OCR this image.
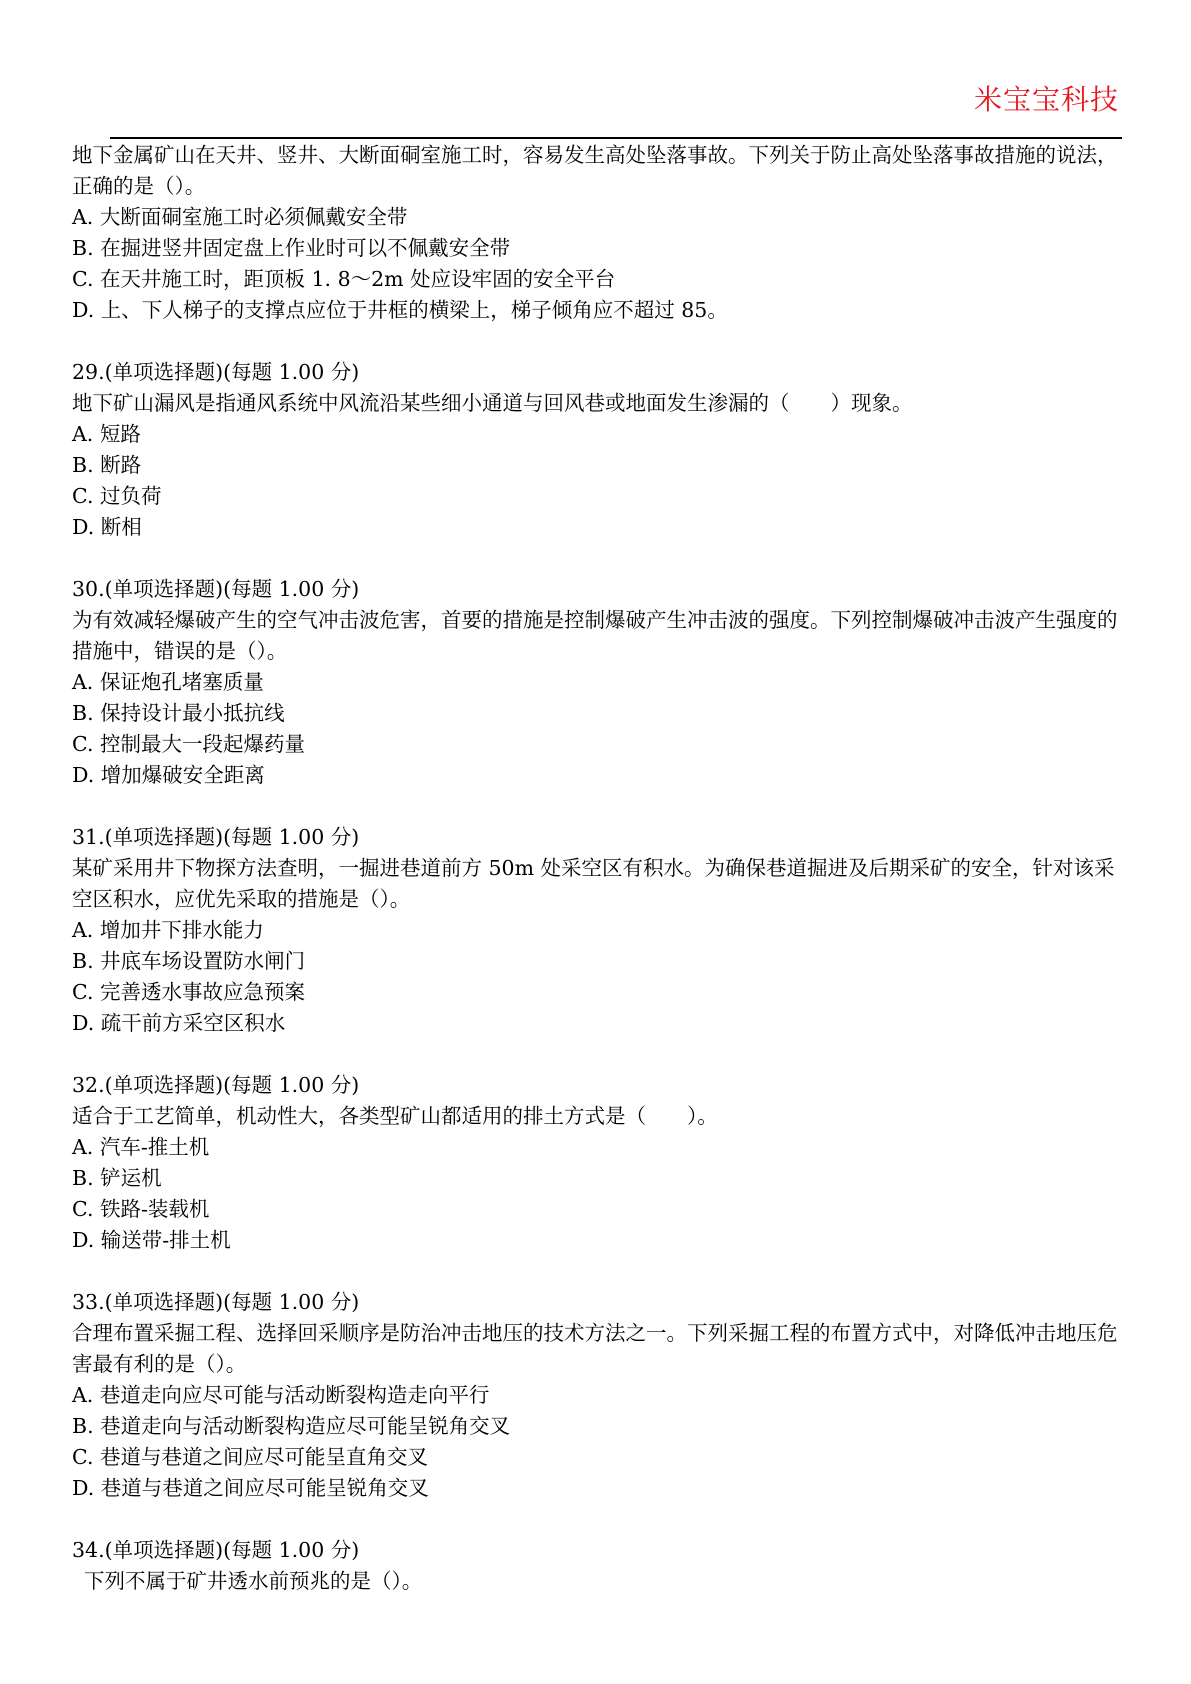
米宝宝科技
地下金属矿山在天井、竖井、大断面硐室施工时，容易发生高处坠落事故。下列关于防止高处坠落事故措施的说法，正确的是（）。
A. 大断面硐室施工时必须佩戴安全带
B. 在掘进竖井固定盘上作业时可以不佩戴安全带
C. 在天井施工时，距顶板 1. 8～2m 处应设牢固的安全平台
D. 上、下人梯子的支撑点应位于井框的横梁上，梯子倾角应不超过 85。
29.(单项选择题)(每题 1.00 分)
地下矿山漏风是指通风系统中风流沿某些细小通道与回风巷或地面发生渗漏的（　　）现象。
A. 短路
B. 断路
C. 过负荷
D. 断相
30.(单项选择题)(每题 1.00 分)
为有效减轻爆破产生的空气冲击波危害，首要的措施是控制爆破产生冲击波的强度。下列控制爆破冲击波产生强度的措施中，错误的是（）。
A. 保证炮孔堵塞质量
B. 保持设计最小抵抗线
C. 控制最大一段起爆药量
D. 增加爆破安全距离
31.(单项选择题)(每题 1.00 分)
某矿采用井下物探方法查明，一掘进巷道前方 50m 处采空区有积水。为确保巷道掘进及后期采矿的安全，针对该采空区积水，应优先采取的措施是（）。
A. 增加井下排水能力
B. 井底车场设置防水闸门
C. 完善透水事故应急预案
D. 疏干前方采空区积水
32.(单项选择题)(每题 1.00 分)
适合于工艺简单，机动性大，各类型矿山都适用的排土方式是（　　）。
A. 汽车-推土机
B. 铲运机
C. 铁路-装载机
D. 输送带-排土机
33.(单项选择题)(每题 1.00 分)
合理布置采掘工程、选择回采顺序是防治冲击地压的技术方法之一。下列采掘工程的布置方式中，对降低冲击地压危害最有利的是（）。
A. 巷道走向应尽可能与活动断裂构造走向平行
B. 巷道走向与活动断裂构造应尽可能呈锐角交叉
C. 巷道与巷道之间应尽可能呈直角交叉
D. 巷道与巷道之间应尽可能呈锐角交叉
34.(单项选择题)(每题 1.00 分)
下列不属于矿井透水前预兆的是（）。
